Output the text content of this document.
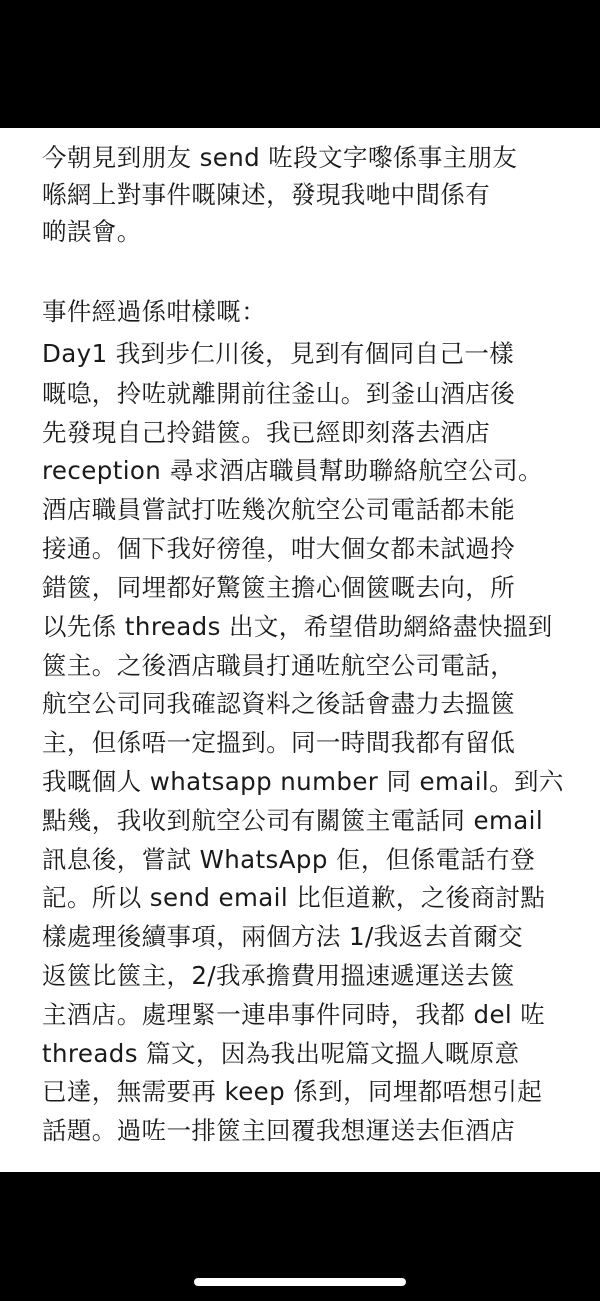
今朝見到朋友 send 咗段文字嚟係事主朋友
喺網上對事件嘅陳述，發現我哋中間係有
啲誤會。
事件經過係咁樣嘅：
Day1 我到步仁川後，見到有個同自己一樣
嘅喼，拎咗就離開前往釜山。到釜山酒店後
先發現自己拎錯篋。我已經即刻落去酒店
reception 尋求酒店職員幫助聯絡航空公司。
酒店職員嘗試打咗幾次航空公司電話都未能
接通。個下我好徬徨，咁大個女都未試過拎
錯篋，同埋都好驚篋主擔心個篋嘅去向，所
以先係 threads 出文，希望借助網絡盡快搵到
篋主。之後酒店職員打通咗航空公司電話，
航空公司同我確認資料之後話會盡力去搵篋
主，但係唔一定搵到。同一時間我都有留低
我嘅個人 whatsapp number 同 email。到六
點幾，我收到航空公司有關篋主電話同 email
訊息後，嘗試 WhatsApp 佢，但係電話冇登
記。所以 send email 比佢道歉，之後商討點
樣處理後續事項，兩個方法 1/我返去首爾交
返篋比篋主，2/我承擔費用搵速遞運送去篋
主酒店。處理緊一連串事件同時，我都 del 咗
threads 篇文，因為我出呢篇文搵人嘅原意
已達，無需要再 keep 係到，同埋都唔想引起
話題。過咗一排篋主回覆我想運送去佢酒店
